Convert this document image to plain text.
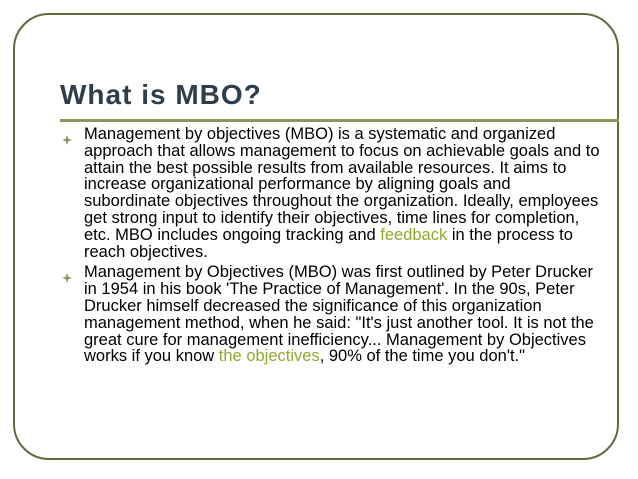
What is MBO?
Management by objectives (MBO) is a systematic and organized approach that allows management to focus on achievable goals and to attain the best possible results from available resources. It aims to increase organizational performance by aligning goals and subordinate objectives throughout the organization. Ideally, employees get strong input to identify their objectives, time lines for completion, etc. MBO includes ongoing tracking and feedback in the process to reach objectives.
Management by Objectives (MBO) was first outlined by Peter Drucker in 1954 in his book 'The Practice of Management'. In the 90s, Peter Drucker himself decreased the significance of this organization management method, when he said: "It's just another tool. It is not the great cure for management inefficiency... Management by Objectives works if you know the objectives, 90% of the time you don't."
